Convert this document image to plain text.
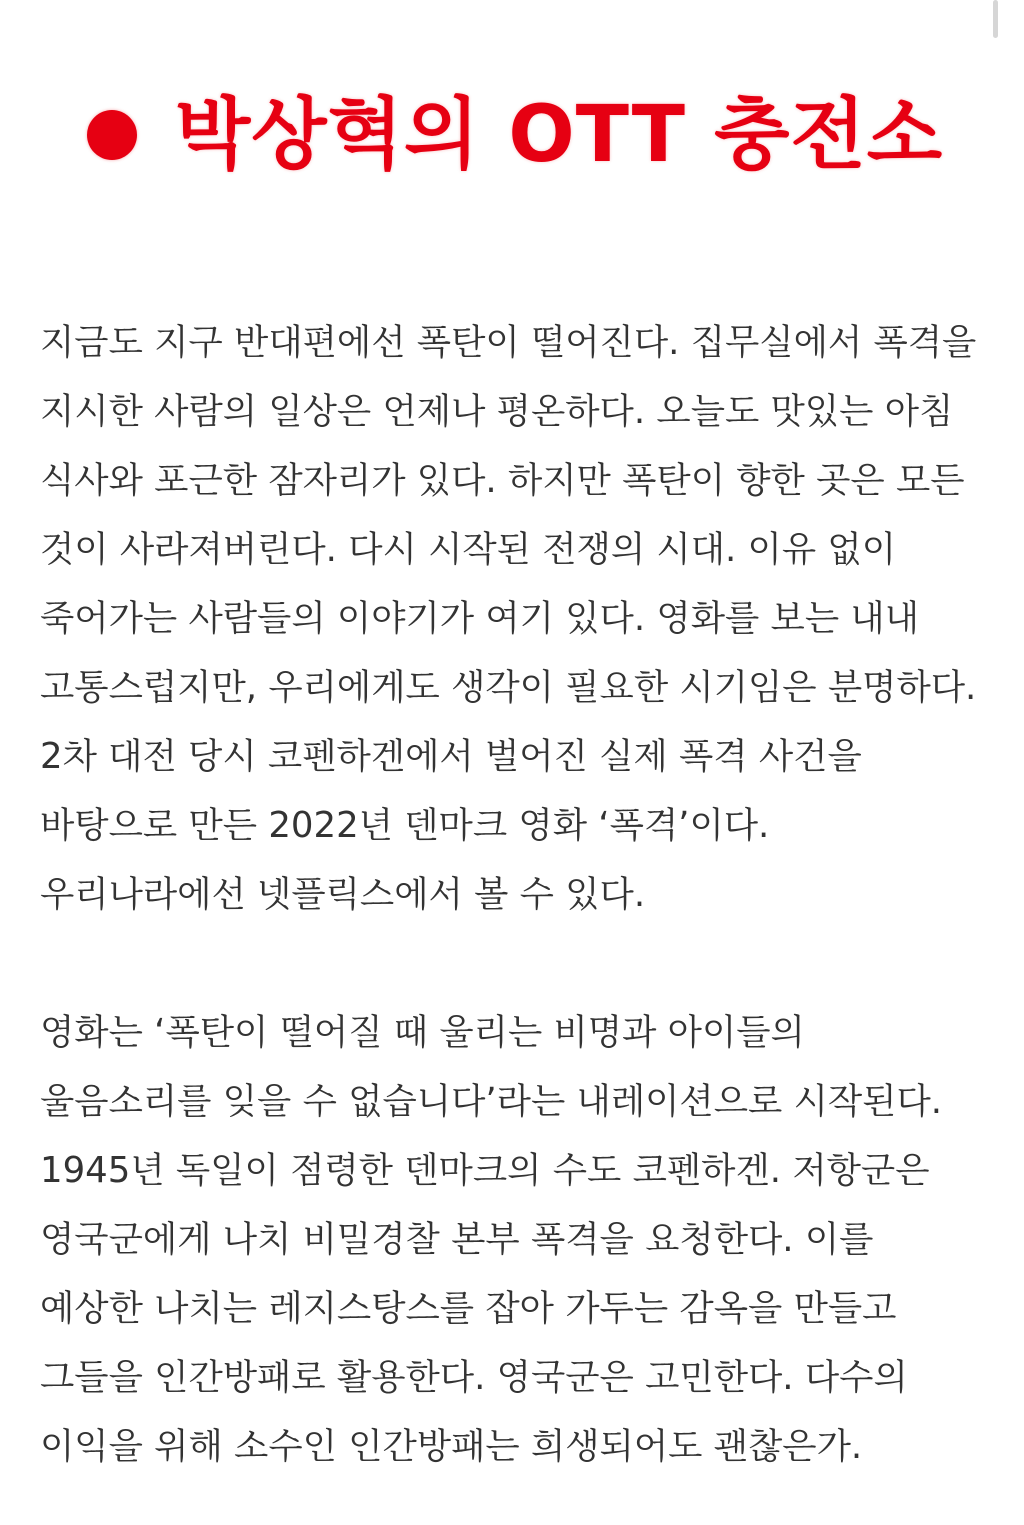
박상혁의 OTT 충전소

지금도 지구 반대편에선 폭탄이 떨어진다. 집무실에서 폭격을 지시한 사람의 일상은 언제나 평온하다. 오늘도 맛있는 아침 식사와 포근한 잠자리가 있다. 하지만 폭탄이 향한 곳은 모든 것이 사라져버린다. 다시 시작된 전쟁의 시대. 이유 없이 죽어가는 사람들의 이야기가 여기 있다. 영화를 보는 내내 고통스럽지만, 우리에게도 생각이 필요한 시기임은 분명하다. 2차 대전 당시 코펜하겐에서 벌어진 실제 폭격 사건을 바탕으로 만든 2022년 덴마크 영화 ‘폭격’이다. 우리나라에선 넷플릭스에서 볼 수 있다.

영화는 ‘폭탄이 떨어질 때 울리는 비명과 아이들의 울음소리를 잊을 수 없습니다’라는 내레이션으로 시작된다. 1945년 독일이 점령한 덴마크의 수도 코펜하겐. 저항군은 영국군에게 나치 비밀경찰 본부 폭격을 요청한다. 이를 예상한 나치는 레지스탕스를 잡아 가두는 감옥을 만들고 그들을 인간방패로 활용한다. 영국군은 고민한다. 다수의 이익을 위해 소수인 인간방패는 희생되어도 괜찮은가.
